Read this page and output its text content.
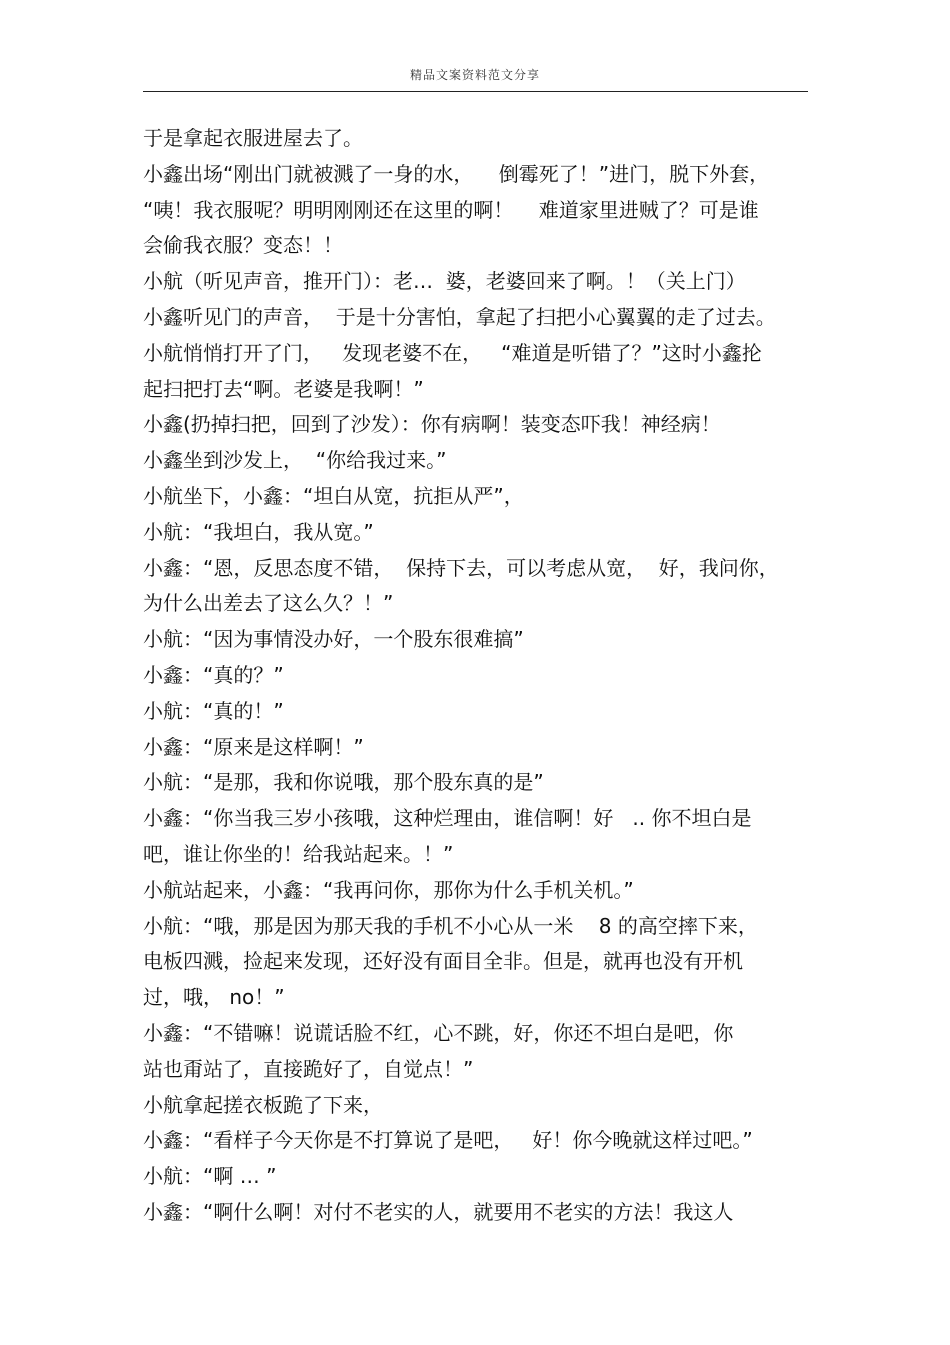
精品文案资料范文分享
于是拿起衣服进屋去了。
小鑫出场“刚出门就被溅了一身的水，    倒霉死了！”进门，脱下外套，
“咦！我衣服呢？明明刚刚还在这里的啊！    难道家里进贼了？可是谁
会偷我衣服？变态！！
小航（听见声音，推开门）：老…  婆，老婆回来了啊。！（关上门）
小鑫听见门的声音，  于是十分害怕，拿起了扫把小心翼翼的走了过去。
小航悄悄打开了门，   发现老婆不在，   “难道是听错了？”这时小鑫抡
起扫把打去“啊。老婆是我啊！”
小鑫(扔掉扫把，回到了沙发）：你有病啊！装变态吓我！神经病！
小鑫坐到沙发上，  “你给我过来。”
小航坐下，小鑫：“坦白从宽，抗拒从严”，
小航：“我坦白，我从宽。”
小鑫：“恩，反思态度不错，  保持下去，可以考虑从宽，  好，我问你，
为什么出差去了这么久？！”
小航：“因为事情没办好，一个股东很难搞”
小鑫：“真的？”
小航：“真的！”
小鑫：“原来是这样啊！”
小航：“是那，我和你说哦，那个股东真的是”
小鑫：“你当我三岁小孩哦，这种烂理由，谁信啊！好   .. 你不坦白是
吧，谁让你坐的！给我站起来。！”
小航站起来，小鑫：“我再问你，那你为什么手机关机。”
小航：“哦，那是因为那天我的手机不小心从一米    8 的高空摔下来，
电板四溅，捡起来发现，还好没有面目全非。但是，就再也没有开机
过，哦， no！”
小鑫：“不错嘛！说谎话脸不红，心不跳，好，你还不坦白是吧，你
站也甭站了，直接跪好了，自觉点！”
小航拿起搓衣板跪了下来，
小鑫：“看样子今天你是不打算说了是吧，   好！你今晚就这样过吧。”
小航：“啊 … ”
小鑫：“啊什么啊！对付不老实的人，就要用不老实的方法！我这人
